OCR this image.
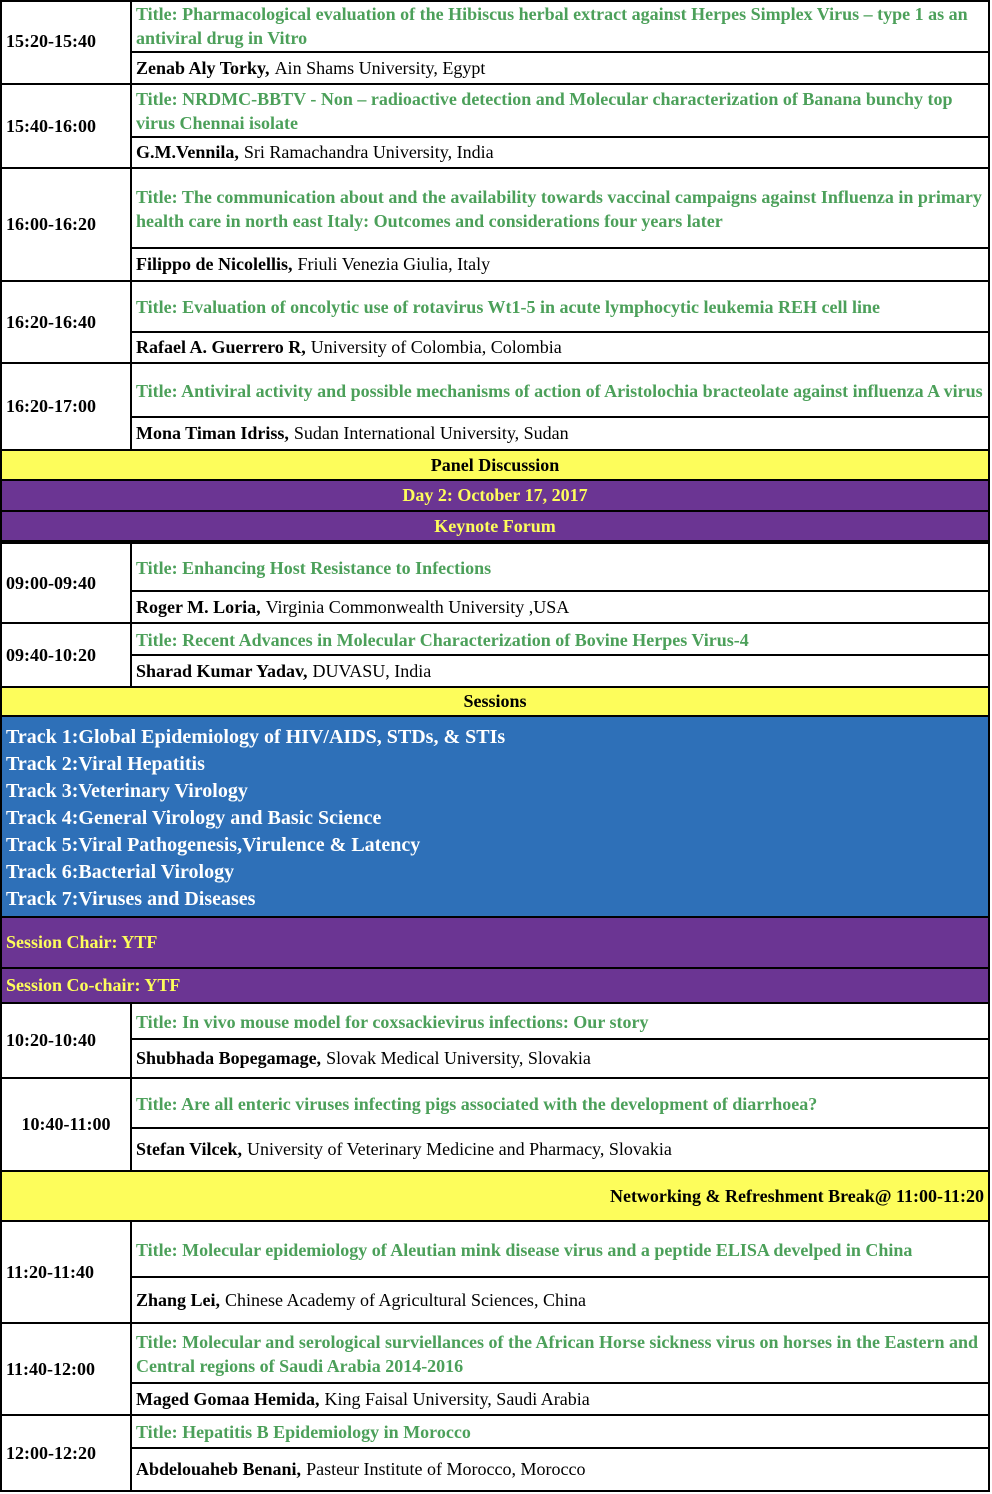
15:20-15:40
Title: Pharmacological evaluation of the Hibiscus herbal extract against Herpes Simplex Virus – type 1 as an antiviral drug in Vitro
Zenab Aly Torky, Ain Shams University, Egypt
15:40-16:00
Title: NRDMC-BBTV - Non – radioactive detection and Molecular characterization of Banana bunchy top virus Chennai isolate
G.M.Vennila, Sri Ramachandra University, India
16:00-16:20
Title: The communication about and the availability towards vaccinal campaigns against Influenza in primary health care in north east Italy: Outcomes and considerations four years later
Filippo de Nicolellis, Friuli Venezia Giulia, Italy
16:20-16:40
Title: Evaluation of oncolytic use of rotavirus Wt1-5 in acute lymphocytic leukemia REH cell line
Rafael A. Guerrero R, University of Colombia, Colombia
16:20-17:00
Title: Antiviral activity and possible mechanisms of action of Aristolochia bracteolate against influenza A virus
Mona Timan Idriss, Sudan International University, Sudan
Panel Discussion
Day 2: October 17, 2017
Keynote Forum
09:00-09:40
Title: Enhancing Host Resistance to Infections
Roger M. Loria, Virginia Commonwealth University ,USA
09:40-10:20
Title: Recent Advances in Molecular Characterization of Bovine Herpes Virus-4
Sharad Kumar Yadav, DUVASU, India
Sessions
Track 1:Global Epidemiology of HIV/AIDS, STDs, & STIs
Track 2:Viral Hepatitis
Track 3:Veterinary Virology
Track 4:General Virology and Basic Science
Track 5:Viral Pathogenesis,Virulence & Latency
Track 6:Bacterial Virology
Track 7:Viruses and Diseases
Session Chair: YTF
Session Co-chair: YTF
10:20-10:40
Title: In vivo mouse model for coxsackievirus infections: Our story
Shubhada Bopegamage, Slovak Medical University, Slovakia
10:40-11:00
Title: Are all enteric viruses infecting pigs associated with the development of diarrhoea?
Stefan Vilcek, University of Veterinary Medicine and Pharmacy, Slovakia
Networking & Refreshment Break@ 11:00-11:20
11:20-11:40
Title: Molecular epidemiology of Aleutian mink disease virus and a peptide ELISA develped in China
Zhang Lei, Chinese Academy of Agricultural Sciences, China
11:40-12:00
Title: Molecular and serological surviellances of the African Horse sickness virus on horses in the Eastern and Central regions of Saudi Arabia 2014-2016
Maged Gomaa Hemida, King Faisal University, Saudi Arabia
12:00-12:20
Title: Hepatitis B Epidemiology in Morocco
Abdelouaheb Benani, Pasteur Institute of Morocco, Morocco
